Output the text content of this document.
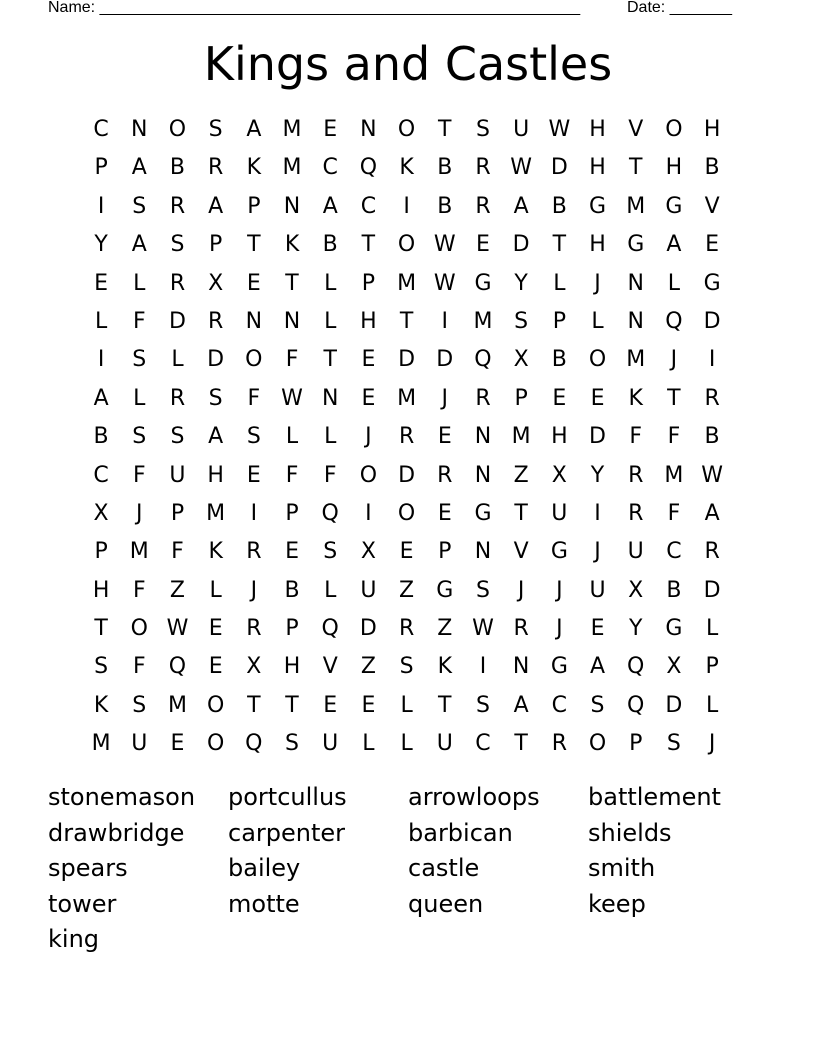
Name: ______________________________________________________	Date: _______
Kings and Castles
C	N O	S	A M E	N O	T	S	U W H	V O H
P	A	B	R	K M C Q	K	B	R W D H	T	H	B
I	S	R	A	P	N	A	C	I	B	R	A	B	G M G	V
Y	A	S	P	T	K	B	T	O W E	D	T	H G	A	E
E	L	R	X	E	T	L	P	M W G	Y	L	J	N	L	G
L	F	D	R	N N	L	H	T	I	M S	P	L	N Q D
I	S	L	D O	F	T	E	D D Q X	B O M	J	I
A	L	R	S	F W N	E M	J	R	P	E	E	K	T	R
B	S	S	A	S	L	L	J	R	E	N M H D	F	F	B
C	F	U H	E	F	F	O D	R	N	Z	X	Y	R M W
X	J	P	M	I	P	Q	I	O	E	G	T	U	I	R	F	A
P	M	F	K	R	E	S	X	E	P	N	V	G	J	U	C	R
H	F	Z	L	J	B	L	U	Z	G	S	J	J	U	X	B	D
T	O W E	R	P	Q D	R	Z W R	J	E	Y	G	L
S	F	Q	E	X	H	V	Z	S	K	I	N G	A Q X	P
K	S M O	T	T	E	E	L	T	S	A	C	S	Q D	L
M U	E	O Q	S	U	L	L	U	C	T	R O	P	S	J
stonemason	portcullus	arrowloops	battlement
drawbridge	carpenter	barbican	shields
spears	bailey	castle	smith
tower	motte	queen	keep
king
